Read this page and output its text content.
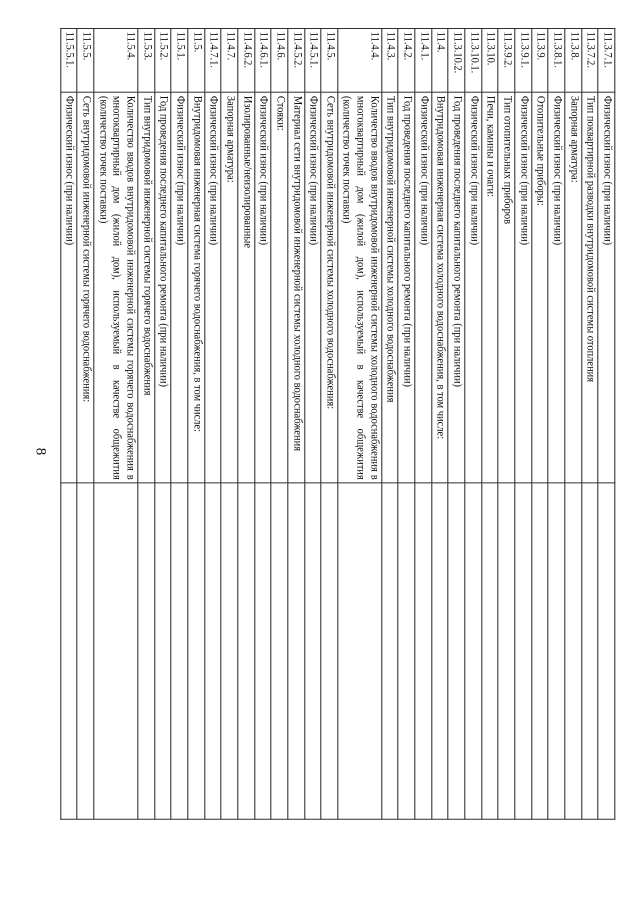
8
11.3.7.1.	Физический износ (при наличии)	
11.3.7.2.	Тип поквартирной разводки внутридомовой системы отопления	
11.3.8.	Запорная арматура:	
11.3.8.1.	Физический износ (при наличии)	
11.3.9.	Отопительные приборы:	
11.3.9.1.	Физический износ (при наличии)	
11.3.9.2.	Тип отопительных приборов	
11.3.10.	Печи, камины и очаги:	
11.3.10.1.	Физический износ (при наличии)	
11.3.10.2.	Год проведения последнего капитального ремонта (при наличии)	
11.4.	Внутридомовая инженерная система холодного водоснабжения, в том числе:	
11.4.1.	Физический износ (при наличии)	
11.4.2.	Год проведения последнего капитального ремонта (при наличии)	
11.4.3.	Тип внутридомовой инженерной системы холодного водоснабжения	
11.4.4.	Количество вводов внутридомовой инженерной системы холодного водоснабжения в многоквартирный дом (жилой дом), используемый в качестве общежития (количество точек поставки)	
11.4.5.	Сеть внутридомовой инженерной системы холодного водоснабжения:	
11.4.5.1.	Физический износ (при наличии)	
11.4.5.2.	Материал сети внутридомовой инженерной системы холодного водоснабжения	
11.4.6.	Стояки:	
11.4.6.1.	Физический износ (при наличии)	
11.4.6.2.	Изолированные/неизолированные	
11.4.7.	Запорная арматура:	
11.4.7.1.	Физический износ (при наличии)	
11.5.	Внутридомовая инженерная система горячего водоснабжения, в том числе:	
11.5.1.	Физический износ (при наличии)	
11.5.2.	Год проведения последнего капитального ремонта (при наличии)	
11.5.3.	Тип внутридомовой инженерной системы горячего водоснабжения	
11.5.4.	Количество вводов внутридомовой инженерной системы горячего водоснабжения в многоквартирный дом (жилой дом), используемый в качестве общежития (количество точек поставки)	
11.5.5.	Сеть внутридомовой инженерной системы горячего водоснабжения:	
11.5.5.1.	Физический износ (при наличии)	
